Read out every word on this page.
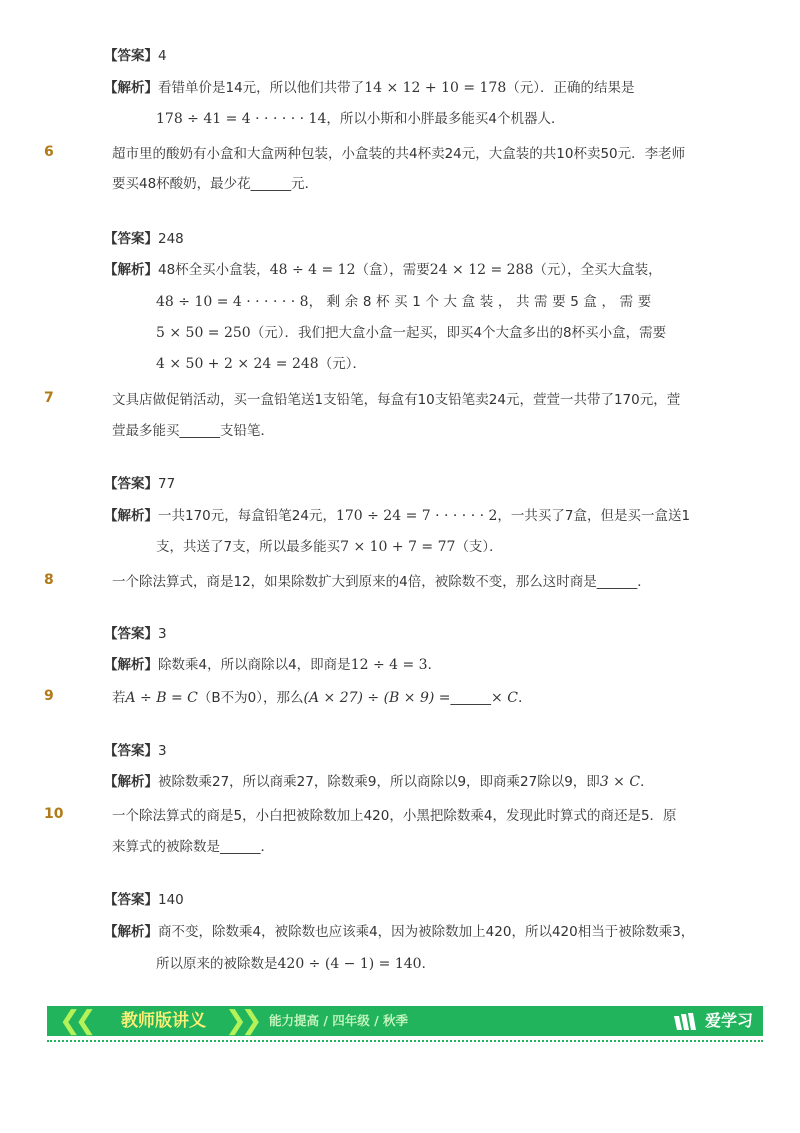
【答案】4
【解析】看错单价是14元，所以他们共带了14 × 12 + 10 = 178（元）．正确的结果是
178 ÷ 41 = 4 · · · · · · 14，所以小斯和小胖最多能买4个机器人．
6	超市里的酸奶有小盒和大盒两种包装，小盒装的共4杯卖24元，大盒装的共10杯卖50元．李老师
要买48杯酸奶，最少花______元．
【答案】248
【解析】48杯全买小盒装，48 ÷ 4 = 12（盒），需要24 × 12 = 288（元），全买大盒装，
48 ÷ 10 = 4 · · · · · · 8，剩余8杯买1个大盒装，共需要5盒，需要
5 × 50 = 250（元）．我们把大盒小盒一起买，即买4个大盒多出的8杯买小盒，需要
4 × 50 + 2 × 24 = 248（元）．
7	文具店做促销活动，买一盒铅笔送1支铅笔，每盒有10支铅笔卖24元，萱萱一共带了170元，萱
萱最多能买______支铅笔．
【答案】77
【解析】一共170元，每盒铅笔24元，170 ÷ 24 = 7 · · · · · · 2，一共买了7盒，但是买一盒送1
支，共送了7支，所以最多能买7 × 10 + 7 = 77（支）．
8	一个除法算式，商是12，如果除数扩大到原来的4倍，被除数不变，那么这时商是______．
【答案】3
【解析】除数乘4，所以商除以4，即商是12 ÷ 4 = 3．
9	若A ÷ B = C（B不为0），那么(A × 27) ÷ (B × 9) =______× C.
【答案】3
【解析】被除数乘27，所以商乘27，除数乘9，所以商除以9，即商乘27除以9，即3 × C．
10	一个除法算式的商是5，小白把被除数加上420，小黑把除数乘4，发现此时算式的商还是5．原
来算式的被除数是______．
【答案】140
【解析】商不变，除数乘4，被除数也应该乘4，因为被除数加上420，所以420相当于被除数乘3，
所以原来的被除数是420 ÷ (4 − 1) = 140．
❮❮ 教师版讲义 ❯❯ 能力提高 / 四年级 / 秋季	爱学习
